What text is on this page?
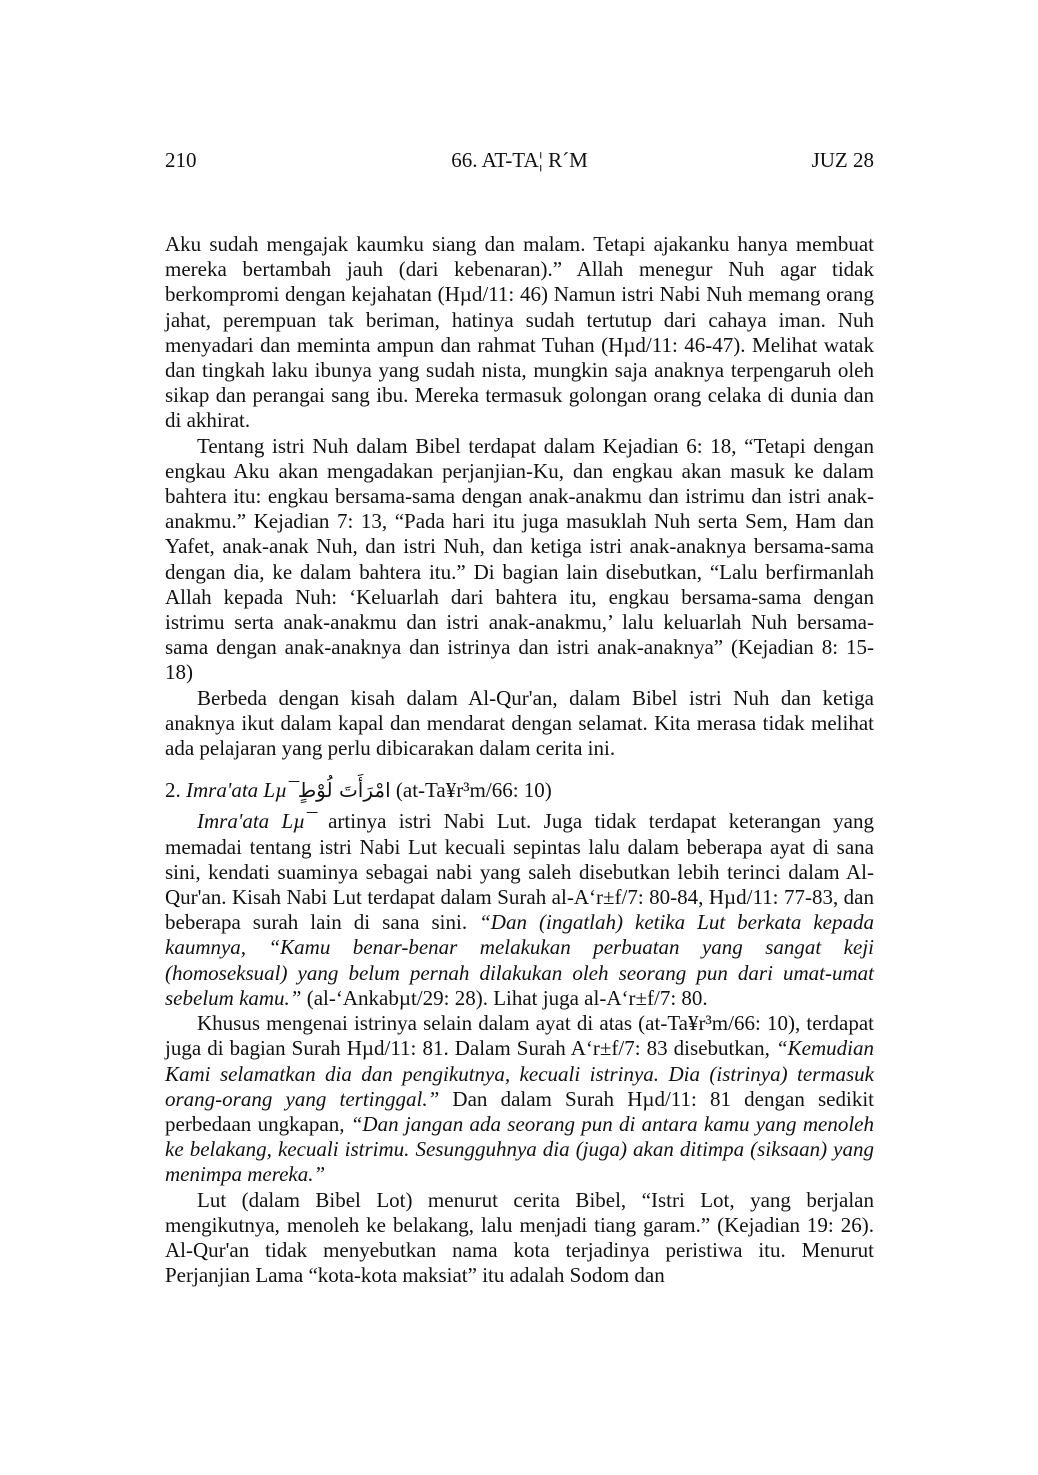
210	66. AT-TA¦ R´M	JUZ 28

Aku sudah mengajak kaumku siang dan malam. Tetapi ajakanku hanya membuat mereka bertambah jauh (dari kebenaran).” Allah menegur Nuh agar tidak berkompromi dengan kejahatan (Hµd/11: 46) Namun istri Nabi Nuh memang orang jahat, perempuan tak beriman, hatinya sudah tertutup dari cahaya iman. Nuh menyadari dan meminta ampun dan rahmat Tuhan (Hµd/11: 46-47). Melihat watak dan tingkah laku ibunya yang sudah nista, mungkin saja anaknya terpengaruh oleh sikap dan perangai sang ibu. Mereka termasuk golongan orang celaka di dunia dan di akhirat.

Tentang istri Nuh dalam Bibel terdapat dalam Kejadian 6: 18, “Tetapi dengan engkau Aku akan mengadakan perjanjian-Ku, dan engkau akan masuk ke dalam bahtera itu: engkau bersama-sama dengan anak-anakmu dan istrimu dan istri anak-anakmu.” Kejadian 7: 13, “Pada hari itu juga masuklah Nuh serta Sem, Ham dan Yafet, anak-anak Nuh, dan istri Nuh, dan ketiga istri anak-anaknya bersama-sama dengan dia, ke dalam bahtera itu.” Di bagian lain disebutkan, “Lalu berfirmanlah Allah kepada Nuh: ‘Keluarlah dari bahtera itu, engkau bersama-sama dengan istrimu serta anak-anakmu dan istri anak-anakmu,’ lalu keluarlah Nuh bersama-sama dengan anak-anaknya dan istrinya dan istri anak-anaknya” (Kejadian 8: 15-18)

Berbeda dengan kisah dalam Al-Qur'an, dalam Bibel istri Nuh dan ketiga anaknya ikut dalam kapal dan mendarat dengan selamat. Kita merasa tidak melihat ada pelajaran yang perlu dibicarakan dalam cerita ini.

2. Imra'ata Lµ¯امْرَأَتَ لُوْطٍ (at-Ta¥r³m/66: 10)

Imra'ata Lµ¯ artinya istri Nabi Lut. Juga tidak terdapat keterangan yang memadai tentang istri Nabi Lut kecuali sepintas lalu dalam beberapa ayat di sana sini, kendati suaminya sebagai nabi yang saleh disebutkan lebih terinci dalam Al-Qur'an. Kisah Nabi Lut terdapat dalam Surah al-A‘r±f/7: 80-84, Hµd/11: 77-83, dan beberapa surah lain di sana sini. “Dan (ingatlah) ketika Lut berkata kepada kaumnya, “Kamu benar-benar melakukan perbuatan yang sangat keji (homoseksual) yang belum pernah dilakukan oleh seorang pun dari umat-umat sebelum kamu.” (al-‘Ankabµt/29: 28). Lihat juga al-A‘r±f/7: 80.

Khusus mengenai istrinya selain dalam ayat di atas (at-Ta¥r³m/66: 10), terdapat juga di bagian Surah Hµd/11: 81. Dalam Surah A‘r±f/7: 83 disebutkan, “Kemudian Kami selamatkan dia dan pengikutnya, kecuali istrinya. Dia (istrinya) termasuk orang-orang yang tertinggal.” Dan dalam Surah Hµd/11: 81 dengan sedikit perbedaan ungkapan, “Dan jangan ada seorang pun di antara kamu yang menoleh ke belakang, kecuali istrimu. Sesungguhnya dia (juga) akan ditimpa (siksaan) yang menimpa mereka.”

Lut (dalam Bibel Lot) menurut cerita Bibel, “Istri Lot, yang berjalan mengikutnya, menoleh ke belakang, lalu menjadi tiang garam.” (Kejadian 19: 26). Al-Qur'an tidak menyebutkan nama kota terjadinya peristiwa itu. Menurut Perjanjian Lama “kota-kota maksiat” itu adalah Sodom dan
